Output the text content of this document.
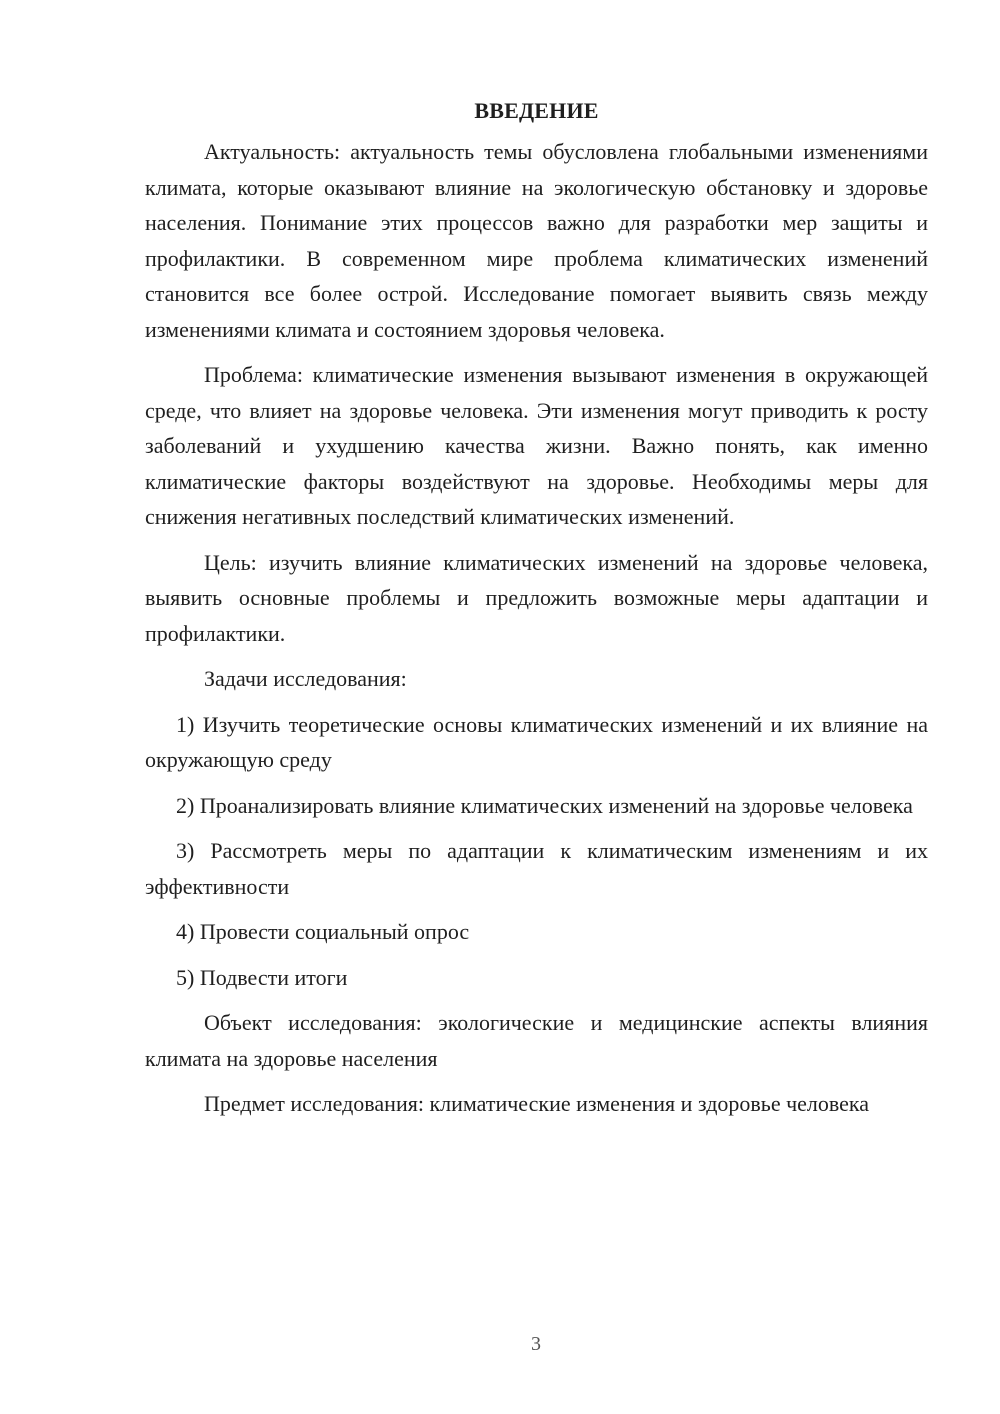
ВВЕДЕНИЕ

Актуальность: актуальность темы обусловлена глобальными изменениями климата, которые оказывают влияние на экологическую обстановку и здоровье населения. Понимание этих процессов важно для разработки мер защиты и профилактики. В современном мире проблема климатических изменений становится все более острой. Исследование помогает выявить связь между изменениями климата и состоянием здоровья человека.

Проблема: климатические изменения вызывают изменения в окружающей среде, что влияет на здоровье человека. Эти изменения могут приводить к росту заболеваний и ухудшению качества жизни. Важно понять, как именно климатические факторы воздействуют на здоровье. Необходимы меры для снижения негативных последствий климатических изменений.

Цель: изучить влияние климатических изменений на здоровье человека, выявить основные проблемы и предложить возможные меры адаптации и профилактики.

Задачи исследования:

1) Изучить теоретические основы климатических изменений и их влияние на окружающую среду

2) Проанализировать влияние климатических изменений на здоровье человека

3) Рассмотреть меры по адаптации к климатическим изменениям и их эффективности

4) Провести социальный опрос

5) Подвести итоги

Объект исследования: экологические и медицинские аспекты влияния климата на здоровье населения

Предмет исследования: климатические изменения и здоровье человека

3
